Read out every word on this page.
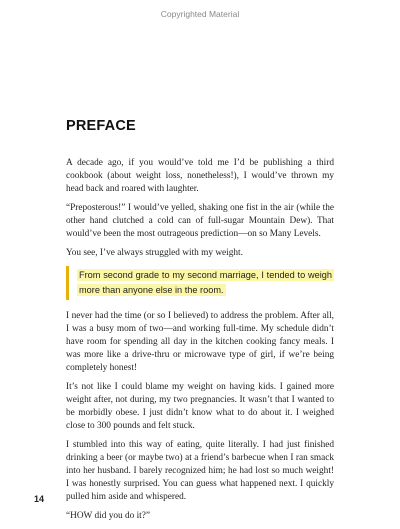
Copyrighted Material
PREFACE

A decade ago, if you would’ve told me I’d be publishing a third cookbook (about weight loss, nonetheless!), I would’ve thrown my head back and roared with laughter.

“Preposterous!” I would’ve yelled, shaking one fist in the air (while the other hand clutched a cold can of full-sugar Mountain Dew). That would’ve been the most outrageous prediction—on so Many Levels.

You see, I’ve always struggled with my weight.

From second grade to my second marriage, I tended to weigh more than anyone else in the room.

I never had the time (or so I believed) to address the problem. After all, I was a busy mom of two—and working full-time. My schedule didn’t have room for spending all day in the kitchen cooking fancy meals. I was more like a drive-thru or microwave type of girl, if we’re being completely honest!

It’s not like I could blame my weight on having kids. I gained more weight after, not during, my two pregnancies. It wasn’t that I wanted to be morbidly obese. I just didn’t know what to do about it. I weighed close to 300 pounds and felt stuck.

I stumbled into this way of eating, quite literally. I had just finished drinking a beer (or maybe two) at a friend’s barbecue when I ran smack into her husband. I barely recognized him; he had lost so much weight! I was honestly surprised. You can guess what happened next. I quickly pulled him aside and whispered.

“HOW did you do it?”

14
